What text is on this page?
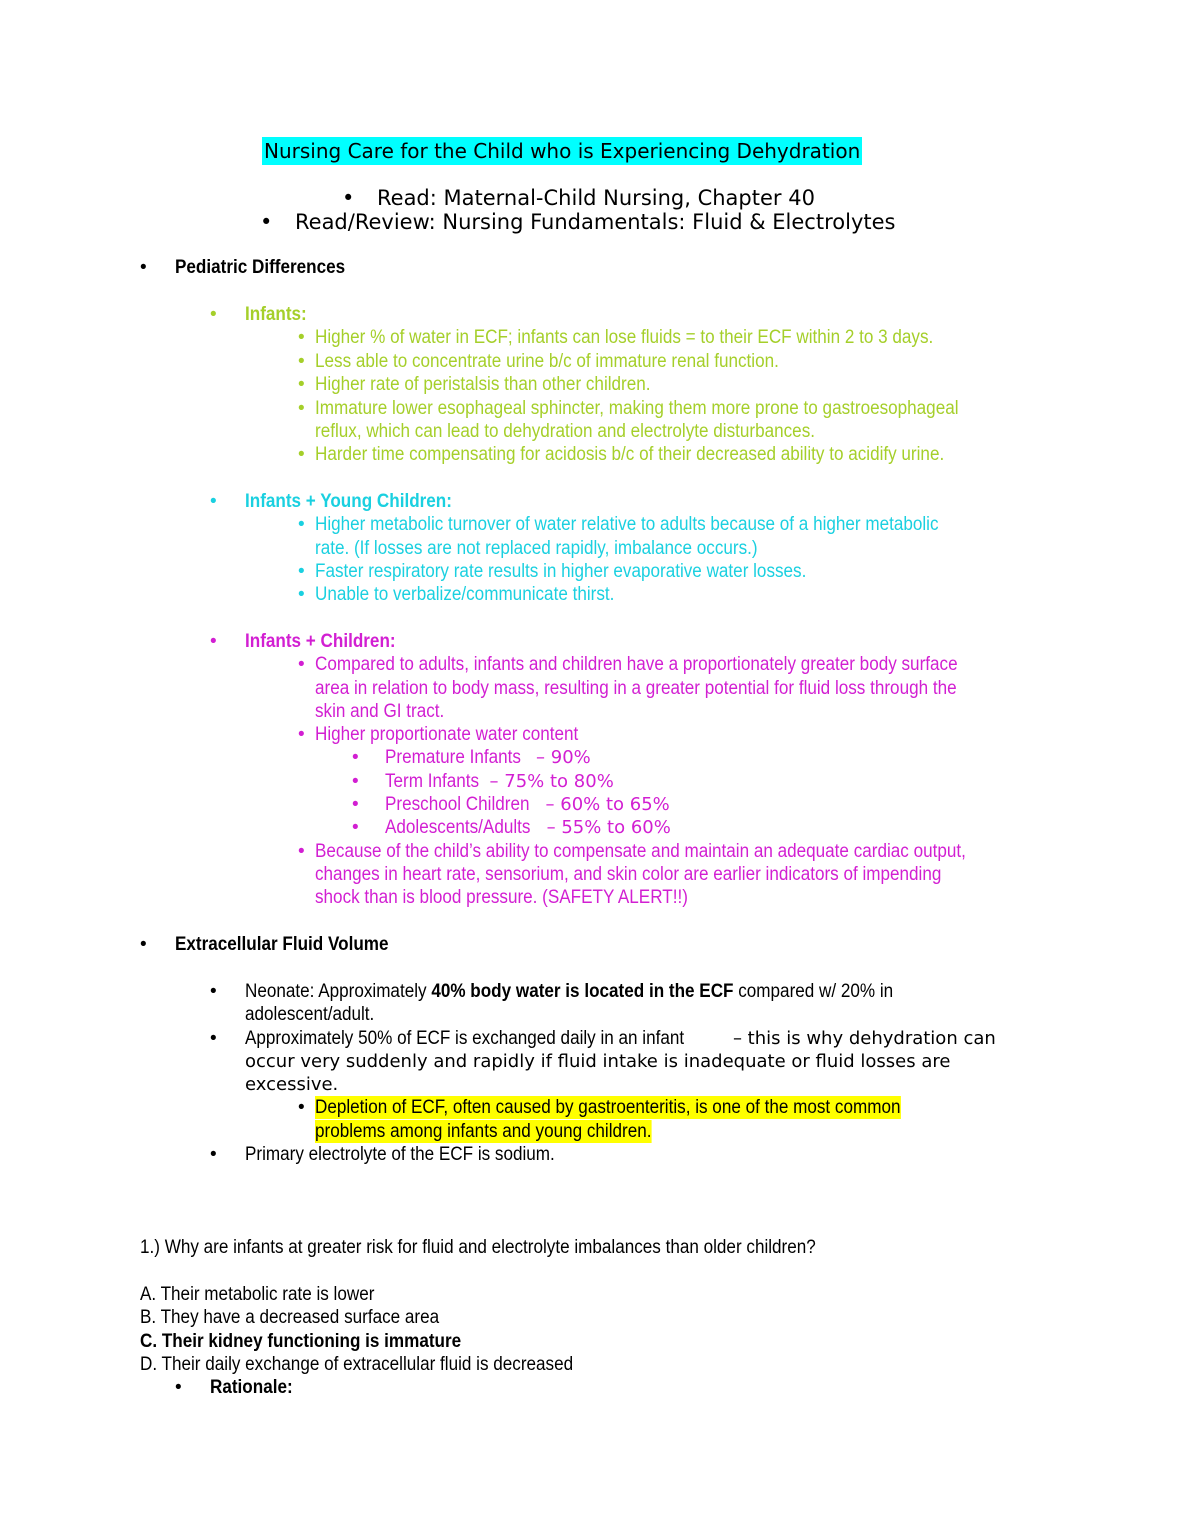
Nursing Care for the Child who is Experiencing Dehydration
• Read: Maternal-Child Nursing, Chapter 40
• Read/Review: Nursing Fundamentals: Fluid & Electrolytes
• Pediatric Differences
• Infants:
• Higher % of water in ECF; infants can lose fluids = to their ECF within 2 to 3 days.
• Less able to concentrate urine b/c of immature renal function.
• Higher rate of peristalsis than other children.
• Immature lower esophageal sphincter, making them more prone to gastroesophageal
reflux, which can lead to dehydration and electrolyte disturbances.
• Harder time compensating for acidosis b/c of their decreased ability to acidify urine.
• Infants + Young Children:
• Higher metabolic turnover of water relative to adults because of a higher metabolic
rate. (If losses are not replaced rapidly, imbalance occurs.)
• Faster respiratory rate results in higher evaporative water losses.
• Unable to verbalize/communicate thirst.
• Infants + Children:
• Compared to adults, infants and children have a proportionately greater body surface
area in relation to body mass, resulting in a greater potential for fluid loss through the
skin and GI tract.
• Higher proportionate water content
• Premature Infants– 90%
• Term Infants– 75% to 80%
• Preschool Children– 60% to 65%
• Adolescents/Adults– 55% to 60%
• Because of the child’s ability to compensate and maintain an adequate cardiac output,
changes in heart rate, sensorium, and skin color are earlier indicators of impending
shock than is blood pressure. (SAFETY ALERT!!)
• Extracellular Fluid Volume
• Neonate: Approximately 40% body water is located in the ECF compared w/ 20% in
adolescent/adult.
• Approximately 50% of ECF is exchanged daily in an infant	– this is why dehydration can
occur very suddenly and rapidly if fluid intake is inadequate or fluid losses are
excessive.
• Depletion of ECF, often caused by gastroenteritis, is one of the most common
problems among infants and young children.
• Primary electrolyte of the ECF is sodium.
1.) Why are infants at greater risk for fluid and electrolyte imbalances than older children?
A. Their metabolic rate is lower
B. They have a decreased surface area
C. Their kidney functioning is immature
D. Their daily exchange of extracellular fluid is decreased
• Rationale:
